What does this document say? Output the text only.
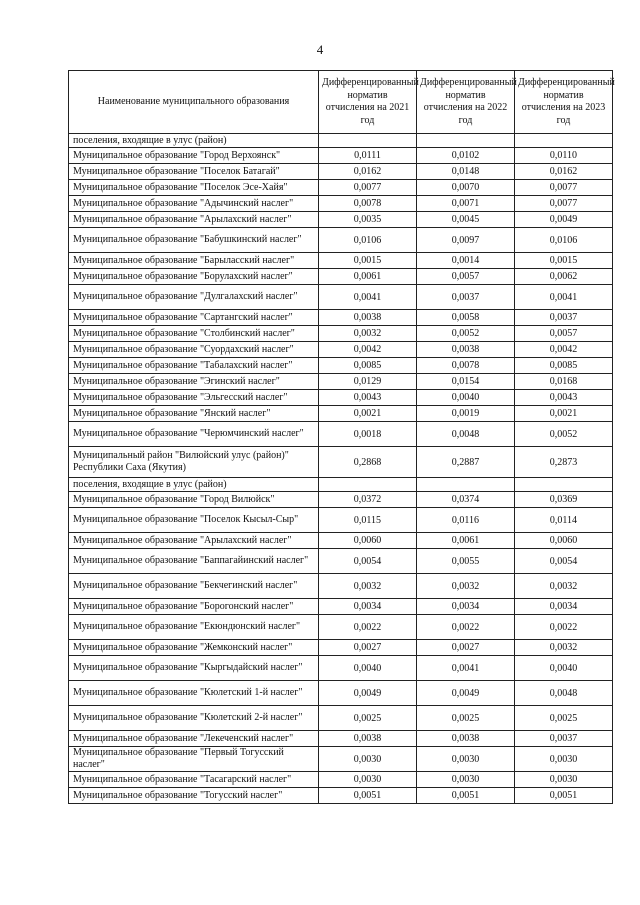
4
Наименование муниципального образования	Дифференцированный норматив отчисления на 2021 год	Дифференцированный норматив отчисления на 2022 год	Дифференцированный норматив отчисления на 2023 год
поселения, входящие в улус (район)			
Муниципальное образование "Город Верхоянск"	0,0111	0,0102	0,0110
Муниципальное образование "Поселок Батагай"	0,0162	0,0148	0,0162
Муниципальное образование "Поселок Эсе-Хайя"	0,0077	0,0070	0,0077
Муниципальное образование "Адычинский наслег"	0,0078	0,0071	0,0077
Муниципальное образование "Арылахский наслег"	0,0035	0,0045	0,0049
Муниципальное образование "Бабушкинский наслег"	0,0106	0,0097	0,0106
Муниципальное образование "Барыласский наслег"	0,0015	0,0014	0,0015
Муниципальное образование "Борулахский наслег"	0,0061	0,0057	0,0062
Муниципальное образование "Дулгалахский наслег"	0,0041	0,0037	0,0041
Муниципальное образование "Сартангский наслег"	0,0038	0,0058	0,0037
Муниципальное образование "Столбинский наслег"	0,0032	0,0052	0,0057
Муниципальное образование "Суордахский наслег"	0,0042	0,0038	0,0042
Муниципальное образование "Табалахский наслег"	0,0085	0,0078	0,0085
Муниципальное образование "Эгинский наслег"	0,0129	0,0154	0,0168
Муниципальное образование "Эльгесский наслег"	0,0043	0,0040	0,0043
Муниципальное образование "Янский наслег"	0,0021	0,0019	0,0021
Муниципальное образование "Черюмчинский наслег"	0,0018	0,0048	0,0052
Муниципальный район "Вилюйский улус (район)" Республики Саха (Якутия)	0,2868	0,2887	0,2873
поселения, входящие в улус (район)			
Муниципальное образование "Город Вилюйск"	0,0372	0,0374	0,0369
Муниципальное образование "Поселок Кысыл-Сыр"	0,0115	0,0116	0,0114
Муниципальное образование "Арылахский наслег"	0,0060	0,0061	0,0060
Муниципальное образование "Баппагайинский наслег"	0,0054	0,0055	0,0054
Муниципальное образование "Бекчегинский наслег"	0,0032	0,0032	0,0032
Муниципальное образование "Борогонский наслег"	0,0034	0,0034	0,0034
Муниципальное образование "Екюндюнский наслег"	0,0022	0,0022	0,0022
Муниципальное образование "Жемконский наслег"	0,0027	0,0027	0,0032
Муниципальное образование "Кыргыдайский наслег"	0,0040	0,0041	0,0040
Муниципальное образование "Кюлетский 1-й наслег"	0,0049	0,0049	0,0048
Муниципальное образование "Кюлетский 2-й наслег"	0,0025	0,0025	0,0025
Муниципальное образование "Лекеченский наслег"	0,0038	0,0038	0,0037
Муниципальное образование "Первый Тогусский наслег"	0,0030	0,0030	0,0030
Муниципальное образование "Тасагарский наслег"	0,0030	0,0030	0,0030
Муниципальное образование "Тогусский наслег"	0,0051	0,0051	0,0051
